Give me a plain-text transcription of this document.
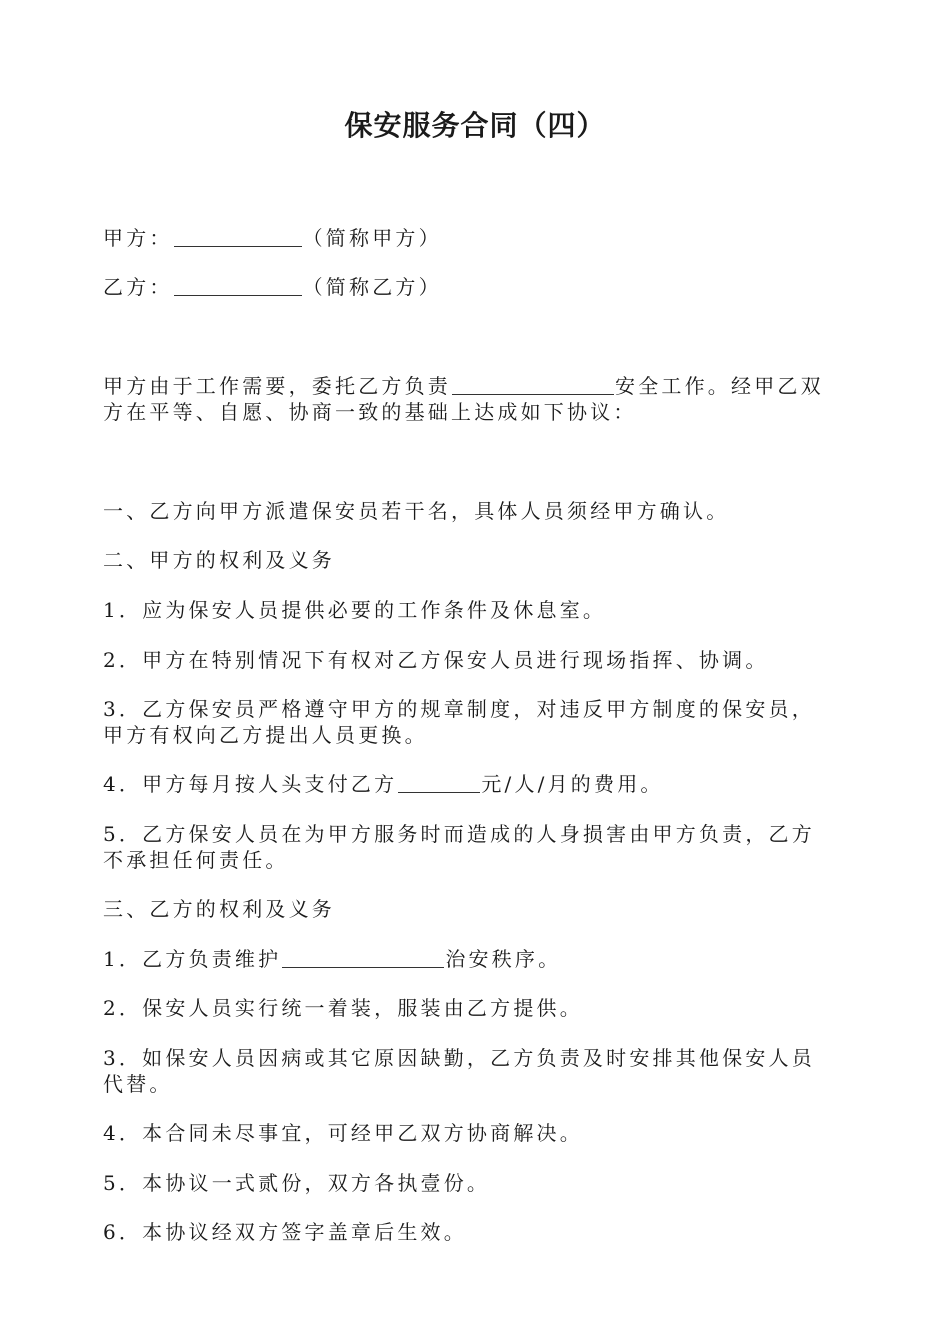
保安服务合同（四）
甲方：	（简称甲方）
乙方：	（简称乙方）
甲方由于工作需要，委托乙方负责	安全工作。经甲乙双
方在平等、自愿、协商一致的基础上达成如下协议：
一、乙方向甲方派遣保安员若干名，具体人员须经甲方确认。
二、甲方的权利及义务
1．应为保安人员提供必要的工作条件及休息室。
2．甲方在特别情况下有权对乙方保安人员进行现场指挥、协调。
3．乙方保安员严格遵守甲方的规章制度，对违反甲方制度的保安员，
甲方有权向乙方提出人员更换。
4．甲方每月按人头支付乙方	元/人/月的费用。
5．乙方保安人员在为甲方服务时而造成的人身损害由甲方负责，乙方
不承担任何责任。
三、乙方的权利及义务
1．乙方负责维护	治安秩序。
2．保安人员实行统一着装，服装由乙方提供。
3．如保安人员因病或其它原因缺勤，乙方负责及时安排其他保安人员
代替。
4．本合同未尽事宜，可经甲乙双方协商解决。
5．本协议一式贰份，双方各执壹份。
6．本协议经双方签字盖章后生效。
